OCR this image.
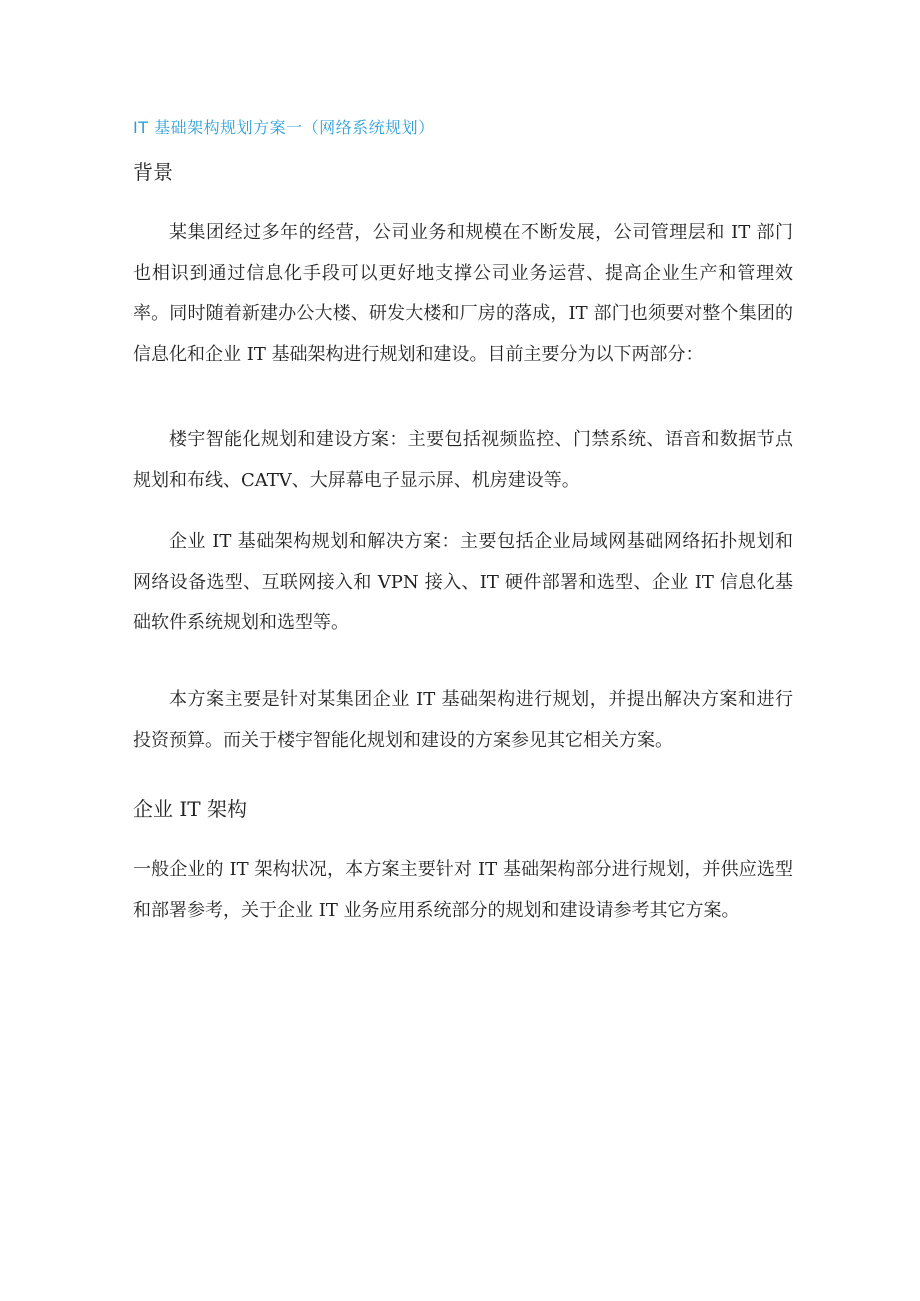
IT 基础架构规划方案一（网络系统规划）
背景

某集团经过多年的经营，公司业务和规模在不断发展，公司管理层和 IT 部门也相识到通过信息化手段可以更好地支撑公司业务运营、提高企业生产和管理效率。同时随着新建办公大楼、研发大楼和厂房的落成，IT 部门也须要对整个集团的信息化和企业 IT 基础架构进行规划和建设。目前主要分为以下两部分：

楼宇智能化规划和建设方案：主要包括视频监控、门禁系统、语音和数据节点规划和布线、CATV、大屏幕电子显示屏、机房建设等。

企业 IT 基础架构规划和解决方案：主要包括企业局域网基础网络拓扑规划和网络设备选型、互联网接入和 VPN 接入、IT 硬件部署和选型、企业 IT 信息化基础软件系统规划和选型等。

本方案主要是针对某集团企业 IT 基础架构进行规划，并提出解决方案和进行投资预算。而关于楼宇智能化规划和建设的方案参见其它相关方案。

企业 IT 架构

一般企业的 IT 架构状况，本方案主要针对 IT 基础架构部分进行规划，并供应选型和部署参考，关于企业 IT 业务应用系统部分的规划和建设请参考其它方案。
